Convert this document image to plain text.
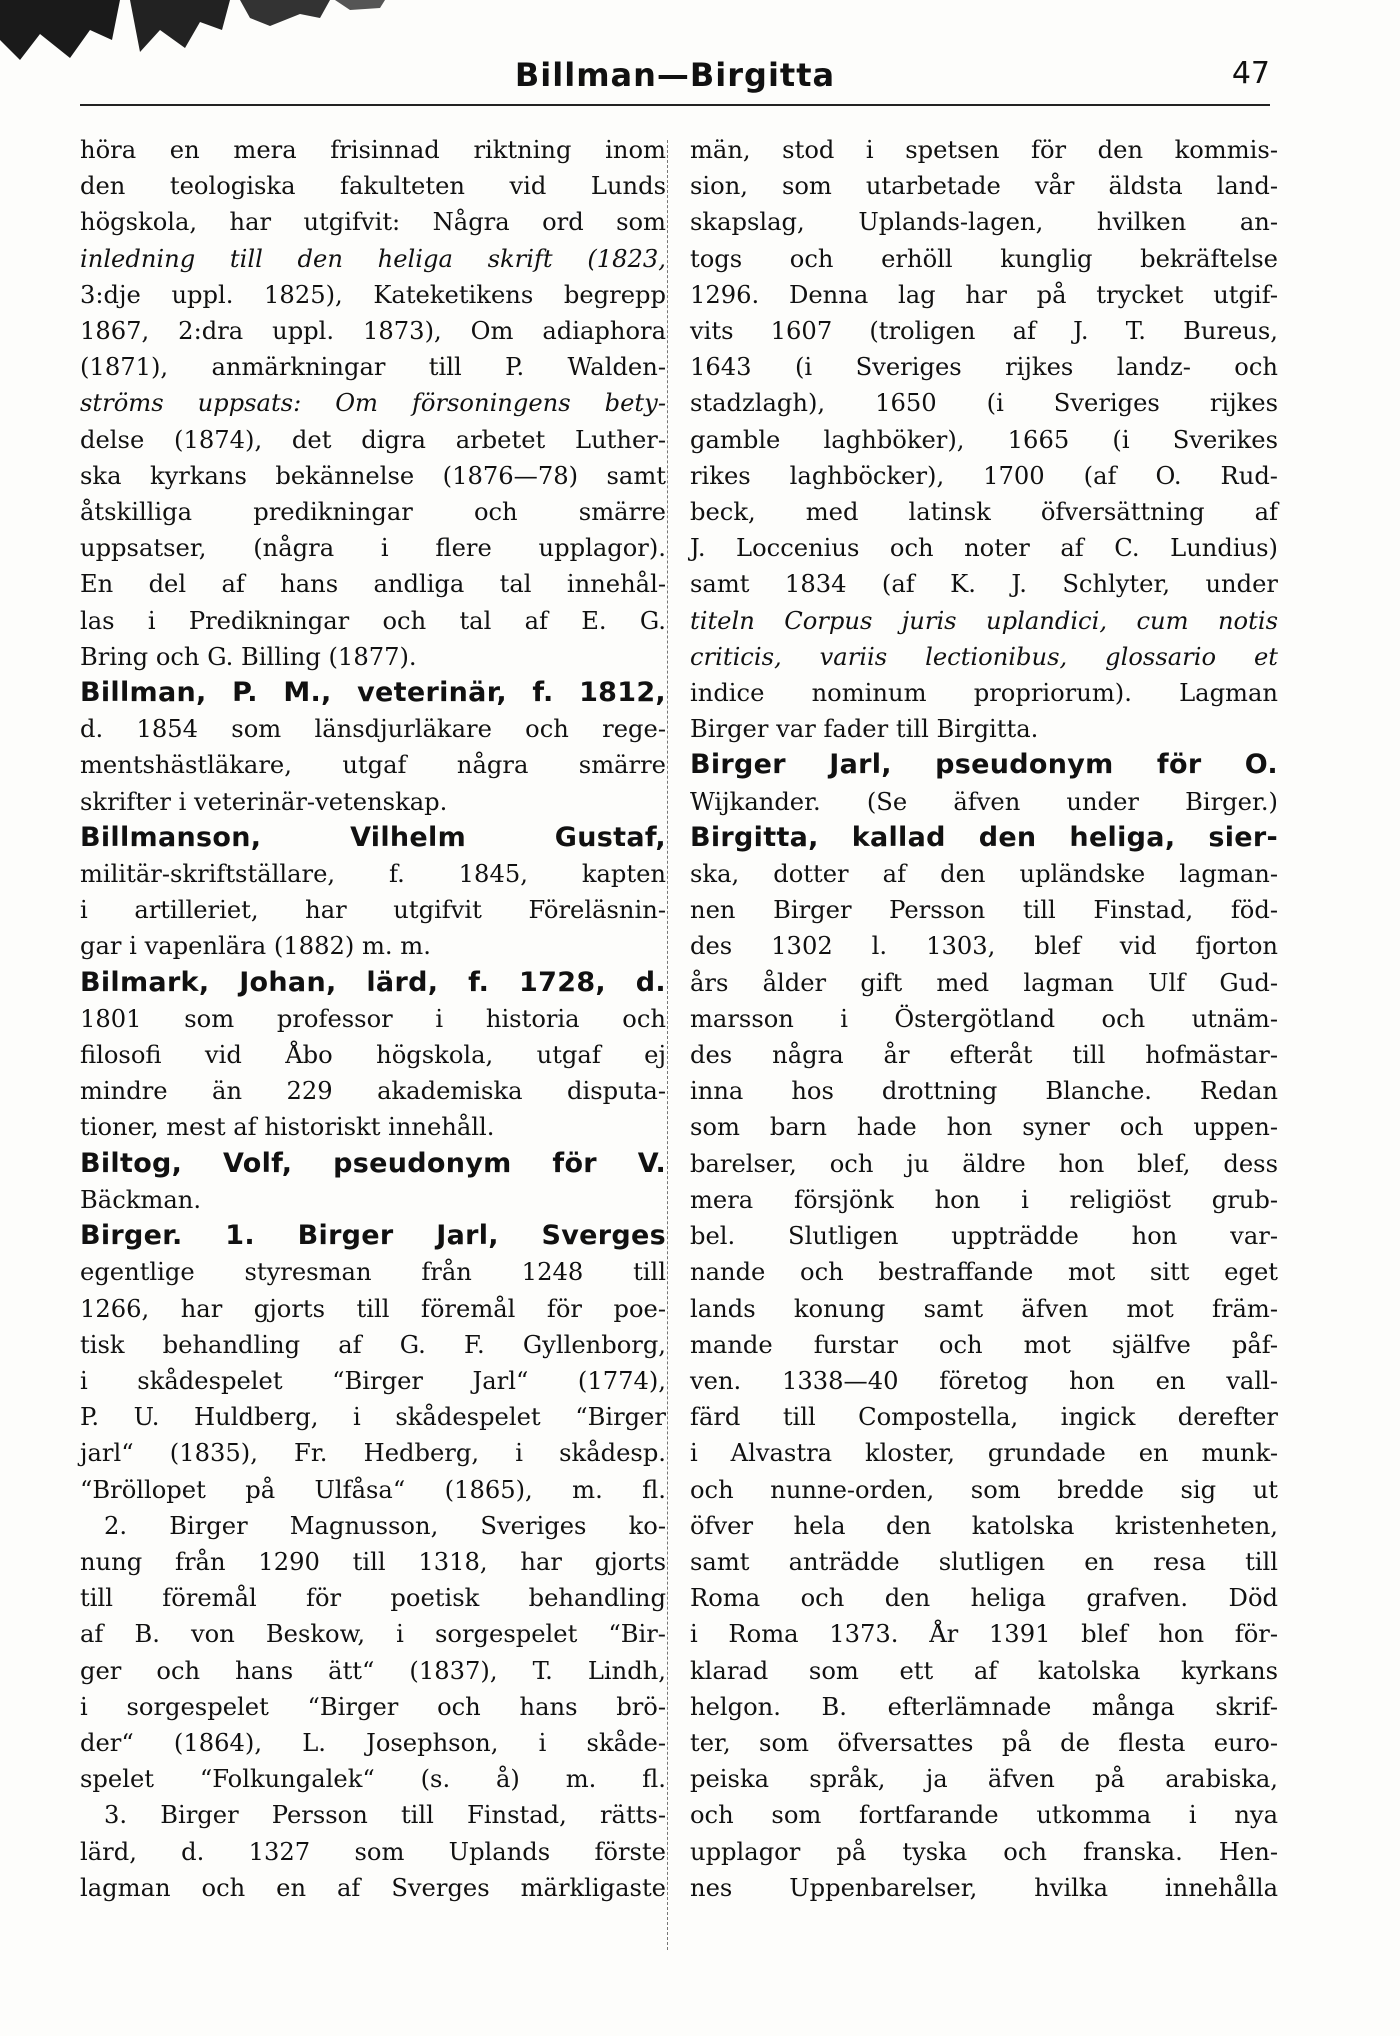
Billman—Birgitta	47
höra en mera frisinnad riktning inom
den teologiska fakulteten vid Lunds
högskola, har utgifvit: Några ord som
inledning till den heliga skrift (1823,
3:dje uppl. 1825), Kateketikens begrepp
1867, 2:dra uppl. 1873), Om adiaphora
(1871), anmärkningar till P. Walden-
ströms uppsats: Om försoningens bety-
delse (1874), det digra arbetet Luther-
ska kyrkans bekännelse (1876—78) samt
åtskilliga predikningar och smärre
uppsatser, (några i flere upplagor).
En del af hans andliga tal innehål-
las i Predikningar och tal af E. G.
Bring och G. Billing (1877).
Billman, P. M., veterinär, f. 1812,
d. 1854 som länsdjurläkare och rege-
mentshästläkare, utgaf några smärre
skrifter i veterinär-vetenskap.
Billmanson, Vilhelm Gustaf,
militär-skriftställare, f. 1845, kapten
i artilleriet, har utgifvit Föreläsnin-
gar i vapenlära (1882) m. m.
Bilmark, Johan, lärd, f. 1728, d.
1801 som professor i historia och
filosofi vid Åbo högskola, utgaf ej
mindre än 229 akademiska disputa-
tioner, mest af historiskt innehåll.
Biltog, Volf, pseudonym för V.
Bäckman.
Birger. 1. Birger Jarl, Sverges
egentlige styresman från 1248 till
1266, har gjorts till föremål för poe-
tisk behandling af G. F. Gyllenborg,
i skådespelet “Birger Jarl“ (1774),
P. U. Huldberg, i skådespelet “Birger
jarl“ (1835), Fr. Hedberg, i skådesp.
“Bröllopet på Ulfåsa“ (1865), m. fl.
2. Birger Magnusson, Sveriges ko-
nung från 1290 till 1318, har gjorts
till föremål för poetisk behandling
af B. von Beskow, i sorgespelet “Bir-
ger och hans ätt“ (1837), T. Lindh,
i sorgespelet “Birger och hans brö-
der“ (1864), L. Josephson, i skåde-
spelet “Folkungalek“ (s. å) m. fl.
3. Birger Persson till Finstad, rätts-
lärd, d. 1327 som Uplands förste
lagman och en af Sverges märkligaste
män, stod i spetsen för den kommis-
sion, som utarbetade vår äldsta land-
skapslag, Uplands-lagen, hvilken an-
togs och erhöll kunglig bekräftelse
1296. Denna lag har på trycket utgif-
vits 1607 (troligen af J. T. Bureus,
1643 (i Sveriges rijkes landz- och
stadzlagh), 1650 (i Sveriges rijkes
gamble laghböker), 1665 (i Sverikes
rikes laghböcker), 1700 (af O. Rud-
beck, med latinsk öfversättning af
J. Loccenius och noter af C. Lundius)
samt 1834 (af K. J. Schlyter, under
titeln Corpus juris uplandici, cum notis
criticis, variis lectionibus, glossario et
indice nominum propriorum). Lagman
Birger var fader till Birgitta.
Birger Jarl, pseudonym för O.
Wijkander. (Se äfven under Birger.)
Birgitta, kallad den heliga, sier-
ska, dotter af den upländske lagman-
nen Birger Persson till Finstad, föd-
des 1302 l. 1303, blef vid fjorton
års ålder gift med lagman Ulf Gud-
marsson i Östergötland och utnäm-
des några år efteråt till hofmästar-
inna hos drottning Blanche. Redan
som barn hade hon syner och uppen-
barelser, och ju äldre hon blef, dess
mera försjönk hon i religiöst grub-
bel. Slutligen uppträdde hon var-
nande och bestraffande mot sitt eget
lands konung samt äfven mot främ-
mande furstar och mot själfve påf-
ven. 1338—40 företog hon en vall-
färd till Compostella, ingick derefter
i Alvastra kloster, grundade en munk-
och nunne-orden, som bredde sig ut
öfver hela den katolska kristenheten,
samt anträdde slutligen en resa till
Roma och den heliga grafven. Död
i Roma 1373. År 1391 blef hon för-
klarad som ett af katolska kyrkans
helgon. B. efterlämnade många skrif-
ter, som öfversattes på de flesta euro-
peiska språk, ja äfven på arabiska,
och som fortfarande utkomma i nya
upplagor på tyska och franska. Hen-
nes Uppenbarelser, hvilka innehålla
